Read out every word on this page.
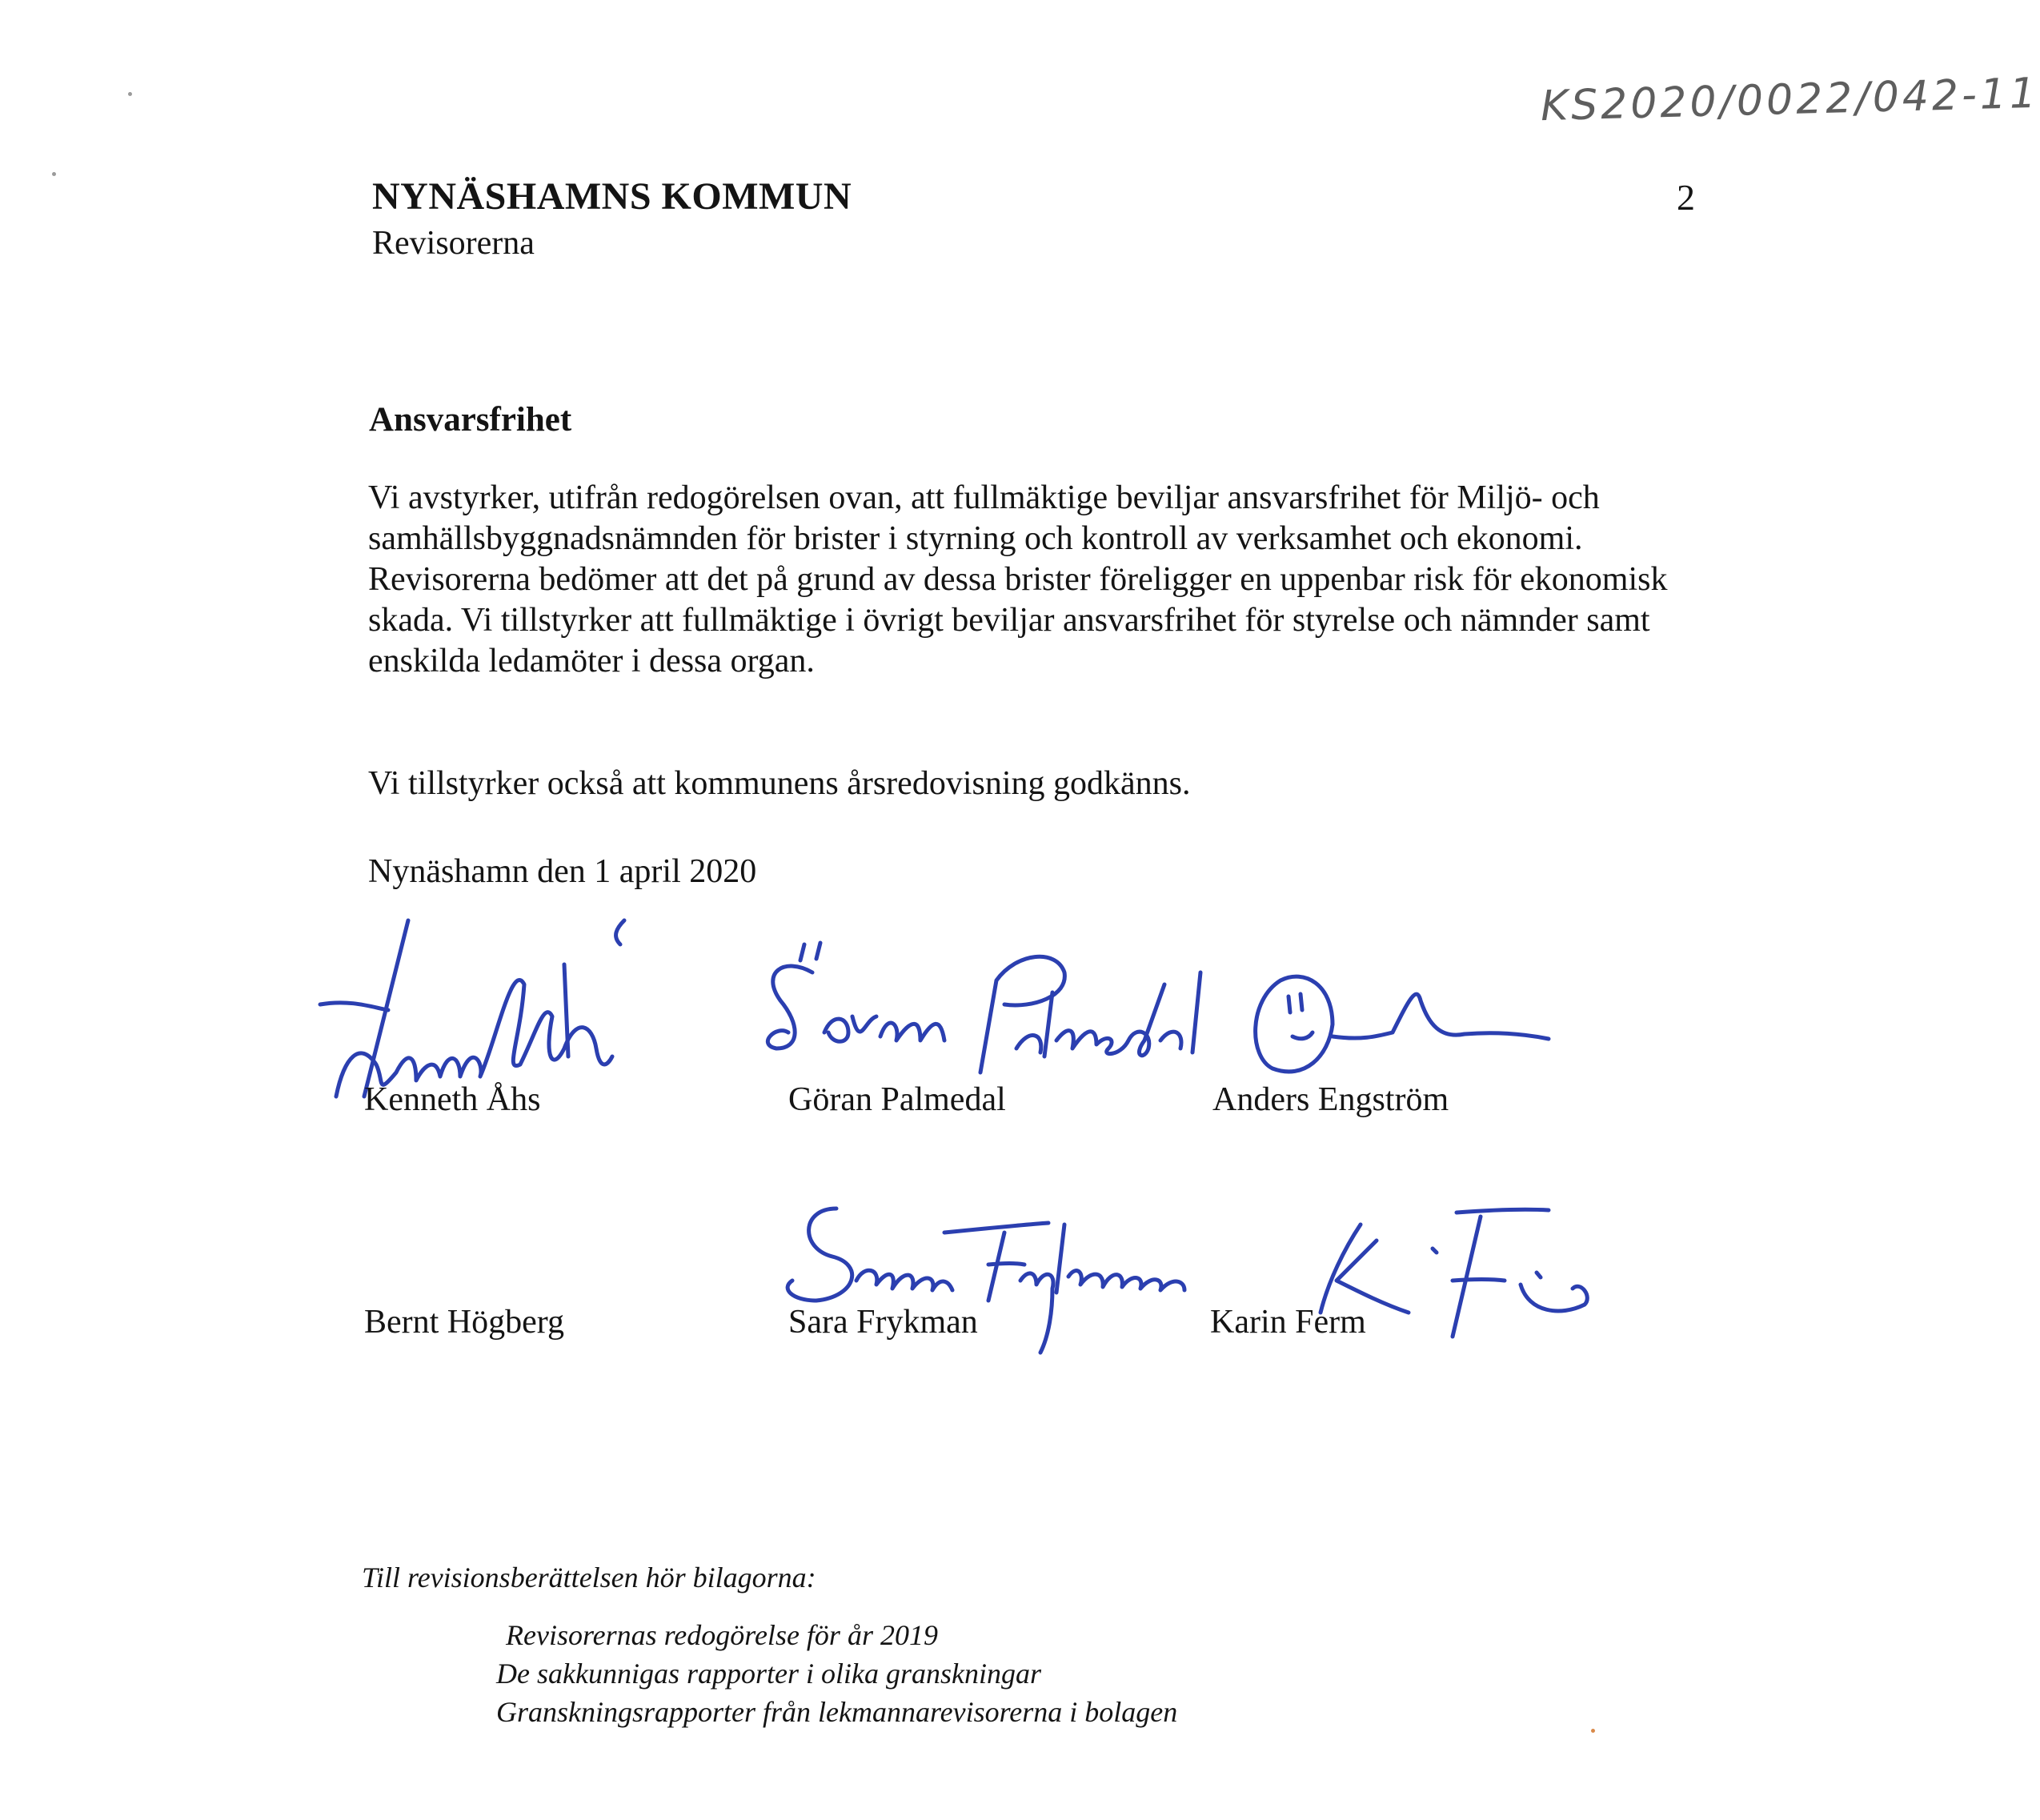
KS2020/0022/042-11
NYNÄSHAMNS KOMMUN
Revisorerna
2
Ansvarsfrihet
Vi avstyrker, utifrån redogörelsen ovan, att fullmäktige beviljar ansvarsfrihet för Miljö- och samhällsbyggnadsnämnden för brister i styrning och kontroll av verksamhet och ekonomi. Revisorerna bedömer att det på grund av dessa brister föreligger en uppenbar risk för ekonomisk skada. Vi tillstyrker att fullmäktige i övrigt beviljar ansvarsfrihet för styrelse och nämnder samt enskilda ledamöter i dessa organ.
Vi tillstyrker också att kommunens årsredovisning godkänns.
Nynäshamn den 1 april 2020
Kenneth Åhs	Göran Palmedal	Anders Engström
Bernt Högberg	Sara Frykman	Karin Ferm
Till revisionsberättelsen hör bilagorna:
Revisorernas redogörelse för år 2019
De sakkunnigas rapporter i olika granskningar
Granskningsrapporter från lekmannarevisorerna i bolagen
